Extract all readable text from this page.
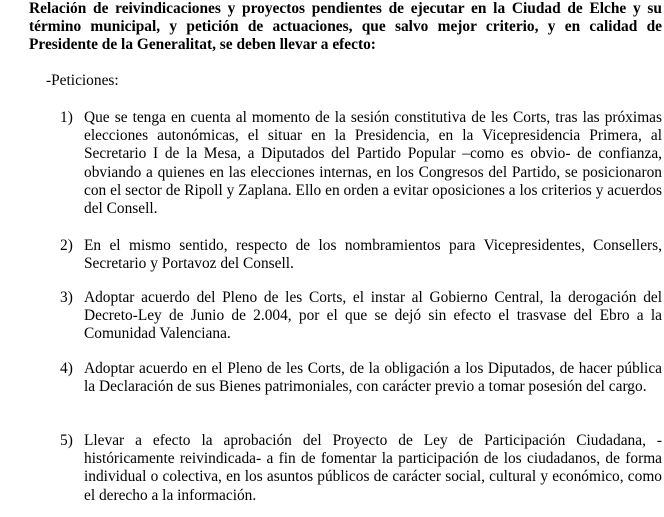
Relación de reivindicaciones y proyectos pendientes de ejecutar en la Ciudad de Elche y su término municipal, y petición de actuaciones, que salvo mejor criterio, y en calidad de Presidente de la Generalitat, se deben llevar a efecto:

-Peticiones:

1) Que se tenga en cuenta al momento de la sesión constitutiva de les Corts, tras las próximas elecciones autonómicas, el situar en la Presidencia, en la Vicepresidencia Primera, al Secretario I de la Mesa, a Diputados del Partido Popular –como es obvio- de confianza, obviando a quienes en las elecciones internas, en los Congresos del Partido, se posicionaron con el sector de Ripoll y Zaplana. Ello en orden a evitar oposiciones a los criterios y acuerdos del Consell.

2) En el mismo sentido, respecto de los nombramientos para Vicepresidentes, Consellers, Secretario y Portavoz del Consell.

3) Adoptar acuerdo del Pleno de les Corts, el instar al Gobierno Central, la derogación del Decreto-Ley de Junio de 2.004, por el que se dejó sin efecto el trasvase del Ebro a la Comunidad Valenciana.

4) Adoptar acuerdo en el Pleno de les Corts, de la obligación a los Diputados, de hacer pública la Declaración de sus Bienes patrimoniales, con carácter previo a tomar posesión del cargo.

5) Llevar a efecto la aprobación del Proyecto de Ley de Participación Ciudadana, -históricamente reivindicada- a fin de fomentar la participación de los ciudadanos, de forma individual o colectiva, en los asuntos públicos de carácter social, cultural y económico, como el derecho a la información.
